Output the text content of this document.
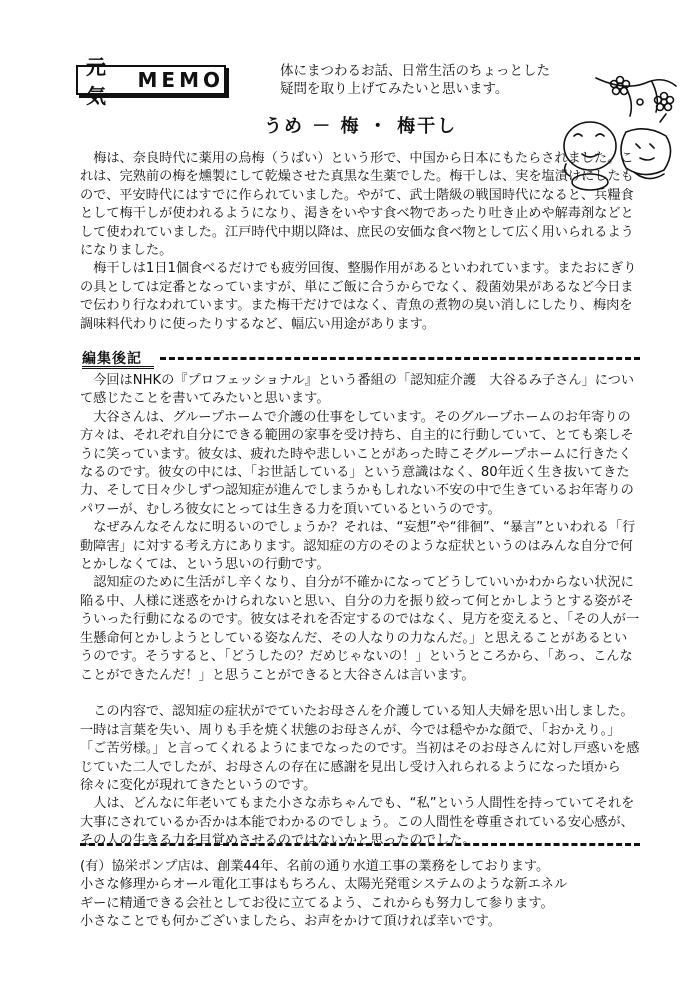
元気
MEMO	体にまつわるお話、日常生活のちょっとした
疑問を取り上げてみたいと思います。
うめ － 梅 ・ 梅干し

梅は、奈良時代に薬用の烏梅（うばい）という形で、中国から日本にもたらされました。これは、完熟前の梅を燻製にして乾燥させた真黒な生薬でした。梅干しは、実を塩漬けにしたもので、平安時代にはすでに作られていました。やがて、武士階級の戦国時代になると、兵糧食として梅干しが使われるようになり、渇きをいやす食べ物であったり吐き止めや解毒剤などとして使われていました。江戸時代中期以降は、庶民の安価な食べ物として広く用いられるようになりました。

梅干しは1日1個食べるだけでも疲労回復、整腸作用があるといわれています。またおにぎりの具としては定番となっていますが、単にご飯に合うからでなく、殺菌効果があるなど今日まで伝わり行なわれています。また梅干だけではなく、青魚の煮物の臭い消しにしたり、梅肉を調味料代わりに使ったりするなど、幅広い用途があります。

編集後記

今回はNHKの『プロフェッショナル』という番組の「認知症介護　大谷るみ子さん」について感じたことを書いてみたいと思います。

大谷さんは、グループホームで介護の仕事をしています。そのグループホームのお年寄りの方々は、それぞれ自分にできる範囲の家事を受け持ち、自主的に行動していて、とても楽しそうに笑っています。彼女は、疲れた時や悲しいことがあった時こそグループホームに行きたくなるのです。彼女の中には、「お世話している」という意識はなく、80年近く生き抜いてきた力、そして日々少しずつ認知症が進んでしまうかもしれない不安の中で生きているお年寄りのパワーが、むしろ彼女にとっては生きる力を頂いているというのです。

なぜみんなそんなに明るいのでしょうか？それは、“妄想”や“徘徊”、“暴言”といわれる「行動障害」に対する考え方にあります。認知症の方のそのような症状というのはみんな自分で何とかしなくては、という思いの行動です。

認知症のために生活がし辛くなり、自分が不確かになってどうしていいかわからない状況に陥る中、人様に迷惑をかけられないと思い、自分の力を振り絞って何とかしようとする姿がそういった行動になるのです。彼女はそれを否定するのではなく、見方を変えると、「その人が一生懸命何とかしようとしている姿なんだ、その人なりの力なんだ。」と思えることがあるというのです。そうすると、「どうしたの？だめじゃないの！」というところから、「あっ、こんなことができたんだ！」と思うことができると大谷さんは言います。

この内容で、認知症の症状がでていたお母さんを介護している知人夫婦を思い出しました。一時は言葉を失い、周りも手を焼く状態のお母さんが、今では穏やかな顔で、「おかえり。」「ご苦労様。」と言ってくれるようにまでなったのです。当初はそのお母さんに対し戸惑いを感じていた二人でしたが、お母さんの存在に感謝を見出し受け入れられるようになった頃から徐々に変化が現れてきたというのです。

人は、どんなに年老いてもまた小さな赤ちゃんでも、“私”という人間性を持っていてそれを大事にされているか否かは本能でわかるのでしょう。この人間性を尊重されている安心感が、その人の生きる力を目覚めさせるのではないかと思ったのでした。

(有）協栄ポンプ店は、創業44年、名前の通り水道工事の業務をしております。

小さな修理からオール電化工事はもちろん、太陽光発電システムのような新エネル

ギーに精通できる会社としてお役に立てるよう、これからも努力して参ります。

小さなことでも何かございましたら、お声をかけて頂ければ幸いです。
